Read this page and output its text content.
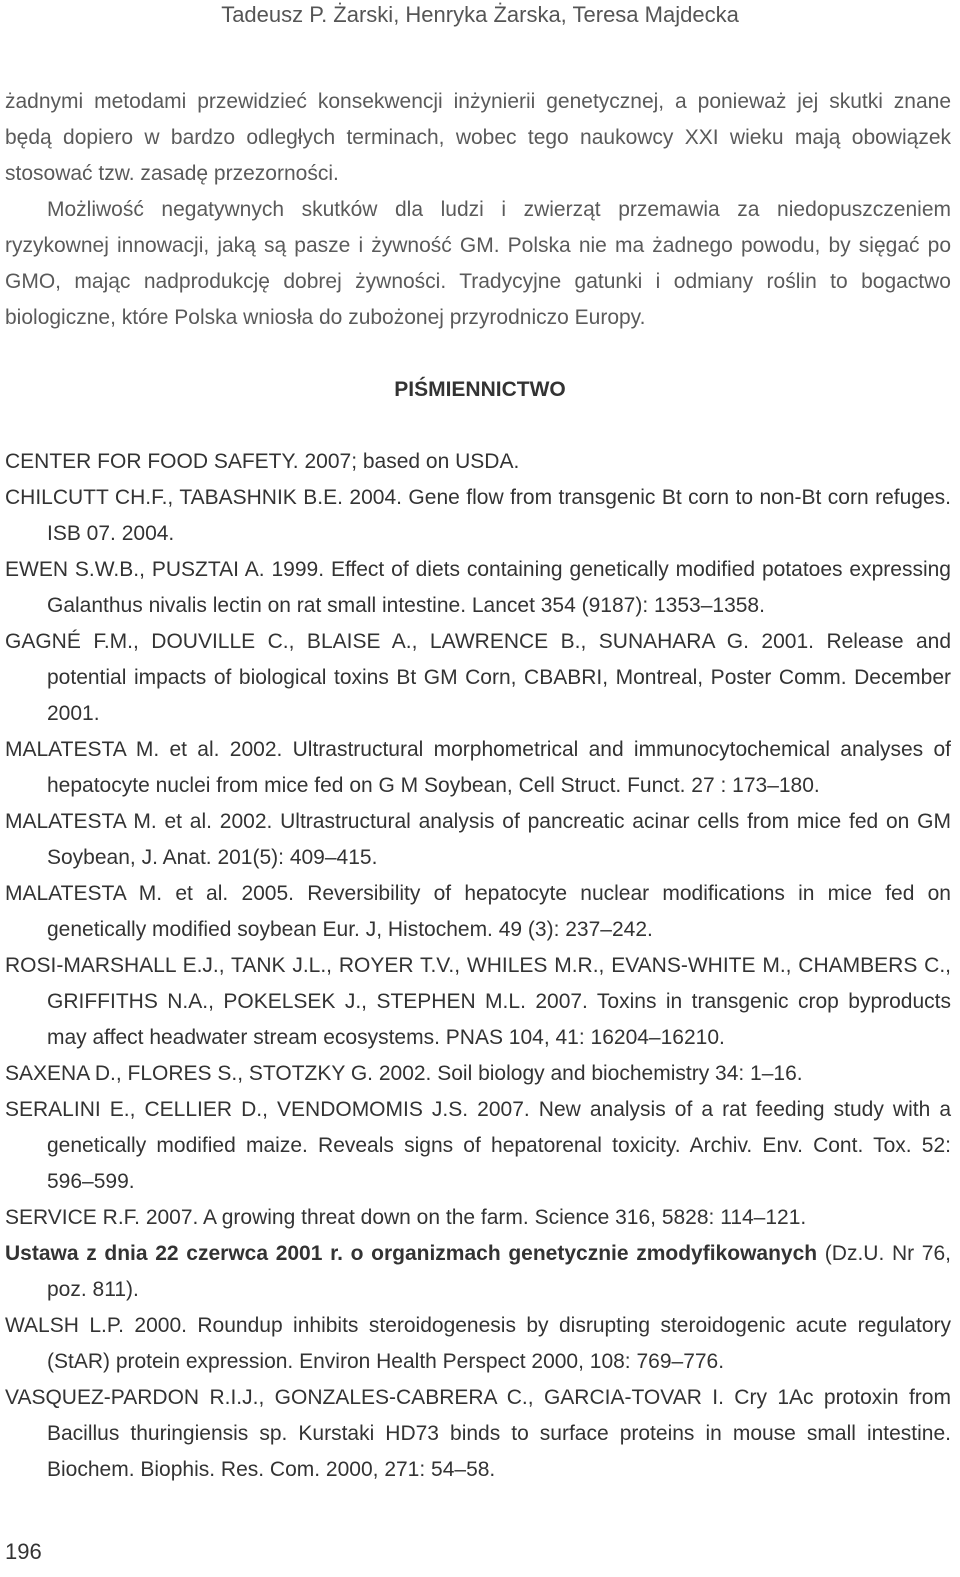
Tadeusz P. Żarski, Henryka Żarska, Teresa Majdecka

żadnymi metodami przewidzieć konsekwencji inżynierii genetycznej, a ponieważ jej skutki znane będą dopiero w bardzo odległych terminach, wobec tego naukowcy XXI wieku mają obowiązek stosować tzw. zasadę przezorności.

Możliwość negatywnych skutków dla ludzi i zwierząt przemawia za niedopuszczeniem ryzykownej innowacji, jaką są pasze i żywność GM. Polska nie ma żadnego powodu, by sięgać po GMO, mając nadprodukcję dobrej żywności. Tradycyjne gatunki i odmiany roślin to bogactwo biologiczne, które Polska wniosła do zubożonej przyrodniczo Europy.

PIŚMIENNICTWO
CENTER FOR FOOD SAFETY. 2007; based on USDA.
CHILCUTT CH.F., TABASHNIK B.E. 2004. Gene flow from transgenic Bt corn to non-Bt corn refuges. ISB 07. 2004.
EWEN S.W.B., PUSZTAI A. 1999. Effect of diets containing genetically modified potatoes expressing Galanthus nivalis lectin on rat small intestine. Lancet 354 (9187): 1353–1358.
GAGNÉ F.M., DOUVILLE C., BLAISE A., LAWRENCE B., SUNAHARA G. 2001. Release and potential impacts of biological toxins Bt GM Corn, CBABRI, Montreal, Poster Comm. December 2001.
MALATESTA M. et al. 2002. Ultrastructural morphometrical and immunocytochemical analyses of hepatocyte nuclei from mice fed on G M Soybean, Cell Struct. Funct. 27 : 173–180.
MALATESTA M. et al. 2002. Ultrastructural analysis of pancreatic acinar cells from mice fed on GM Soybean, J. Anat. 201(5): 409–415.
MALATESTA M. et al. 2005. Reversibility of hepatocyte nuclear modifications in mice fed on genetically modified soybean Eur. J, Histochem. 49 (3): 237–242.
ROSI-MARSHALL E.J., TANK J.L., ROYER T.V., WHILES M.R., EVANS-WHITE M., CHAMBERS C., GRIFFITHS N.A., POKELSEK J., STEPHEN M.L. 2007. Toxins in transgenic crop byproducts may affect headwater stream ecosystems. PNAS 104, 41: 16204–16210.
SAXENA D., FLORES S., STOTZKY G. 2002. Soil biology and biochemistry 34: 1–16.
SERALINI E., CELLIER D., VENDOMOMIS J.S. 2007. New analysis of a rat feeding study with a genetically modified maize. Reveals signs of hepatorenal toxicity. Archiv. Env. Cont. Tox. 52: 596–599.
SERVICE R.F. 2007. A growing threat down on the farm. Science 316, 5828: 114–121.
Ustawa z dnia 22 czerwca 2001 r. o organizmach genetycznie zmodyfikowanych (Dz.U. Nr 76, poz. 811).
WALSH L.P. 2000. Roundup inhibits steroidogenesis by disrupting steroidogenic acute regulatory (StAR) protein expression. Environ Health Perspect 2000, 108: 769–776.
VASQUEZ-PARDON R.I.J., GONZALES-CABRERA C., GARCIA-TOVAR I. Cry 1Ac protoxin from Bacillus thuringiensis sp. Kurstaki HD73 binds to surface proteins in mouse small intestine. Biochem. Biophis. Res. Com. 2000, 271: 54–58.
196
